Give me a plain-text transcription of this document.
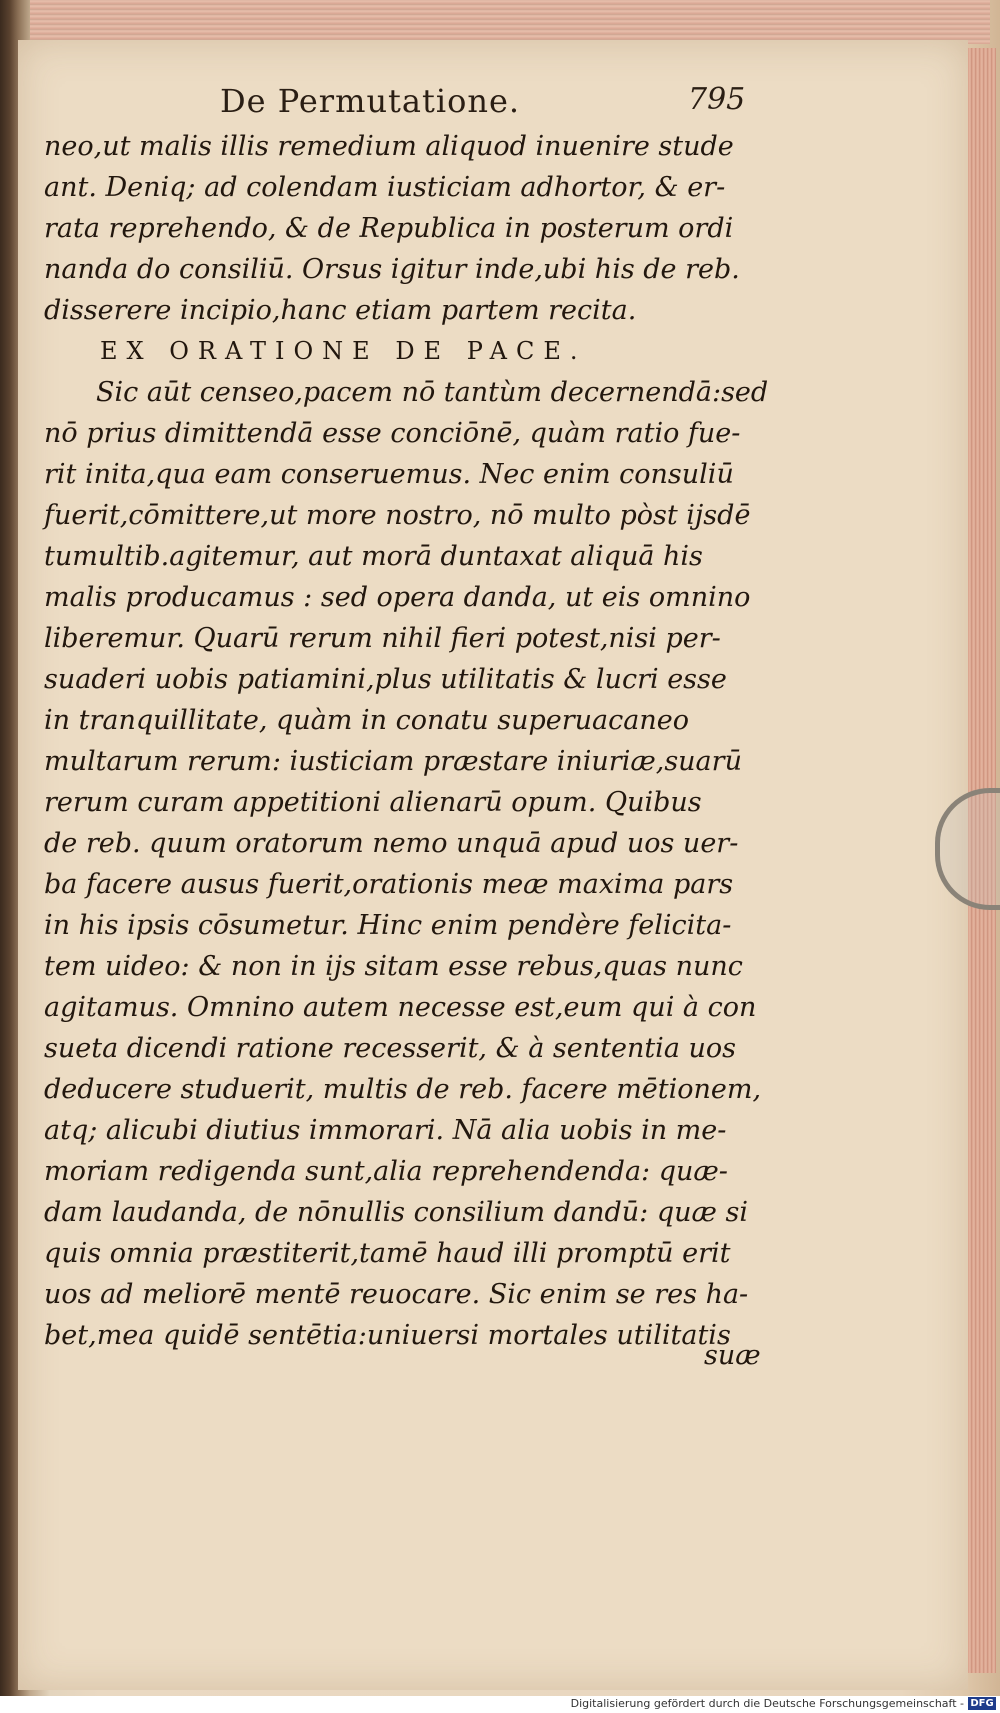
De Permutatione.	795
neo,ut malis illis remedium aliquod inuenire stude
ant. Deniq; ad colendam iusticiam adhortor, & er-
rata reprehendo, & de Republica in posterum ordi
nanda do consiliū. Orsus igitur inde,ubi his de reb.
disserere incipio,hanc etiam partem recita.
EX ORATIONE DE PACE.
Sic aūt censeo,pacem nō tantùm decernendā:sed
nō prius dimittendā esse conciōnē, quàm ratio fue-
rit inita,qua eam conseruemus. Nec enim consuliū
fuerit,cōmittere,ut more nostro, nō multo pòst ijsdē
tumultib.agitemur, aut morā duntaxat aliquā his
malis producamus : sed opera danda, ut eis omnino
liberemur. Quarū rerum nihil fieri potest,nisi per-
suaderi uobis patiamini,plus utilitatis & lucri esse
in tranquillitate, quàm in conatu superuacaneo
multarum rerum: iusticiam præstare iniuriæ,suarū
rerum curam appetitioni alienarū opum. Quibus
de reb. quum oratorum nemo unquā apud uos uer-
ba facere ausus fuerit,orationis meæ maxima pars
in his ipsis cōsumetur. Hinc enim pendère felicita-
tem uideo: & non in ijs sitam esse rebus,quas nunc
agitamus. Omnino autem necesse est,eum qui à con
sueta dicendi ratione recesserit, & à sententia uos
deducere studuerit, multis de reb. facere mētionem,
atq; alicubi diutius immorari. Nā alia uobis in me-
moriam redigenda sunt,alia reprehendenda: quæ-
dam laudanda, de nōnullis consilium dandū: quæ si
quis omnia præstiterit,tamē haud illi promptū erit
uos ad meliorē mentē reuocare. Sic enim se res ha-
bet,mea quidē sentētia:uniuersi mortales utilitatis
suæ
Digitalisierung gefördert durch die Deutsche Forschungsgemeinschaft - DFG
